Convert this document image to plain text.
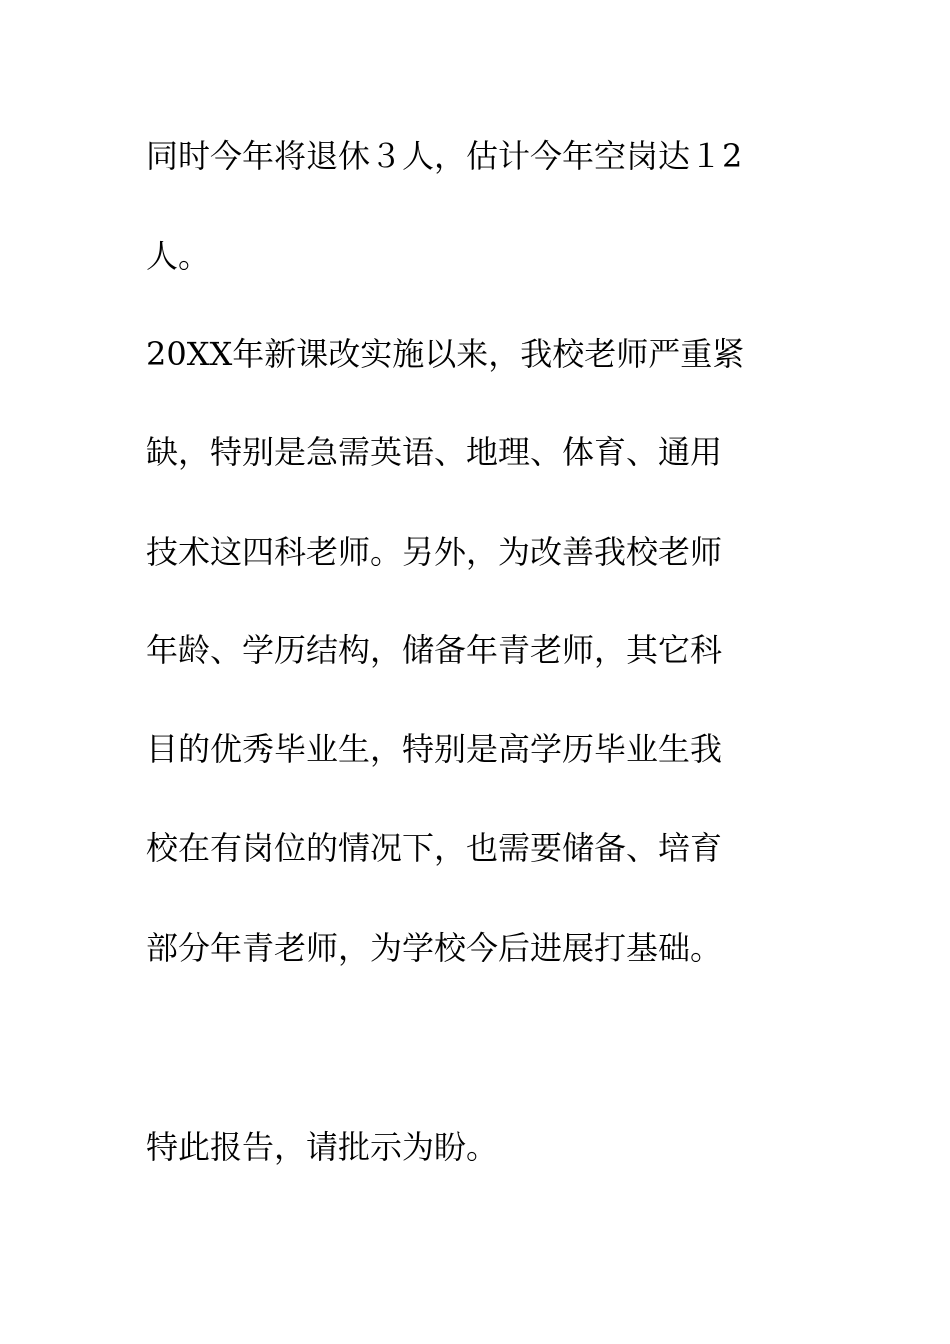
同时今年将退休３人，估计今年空岗达１2
人。
20XX年新课改实施以来，我校老师严重紧
缺，特别是急需英语、地理、体育、通用
技术这四科老师。另外，为改善我校老师
年龄、学历结构，储备年青老师，其它科
目的优秀毕业生，特别是高学历毕业生我
校在有岗位的情况下，也需要储备、培育
部分年青老师，为学校今后进展打基础。
特此报告，请批示为盼。
